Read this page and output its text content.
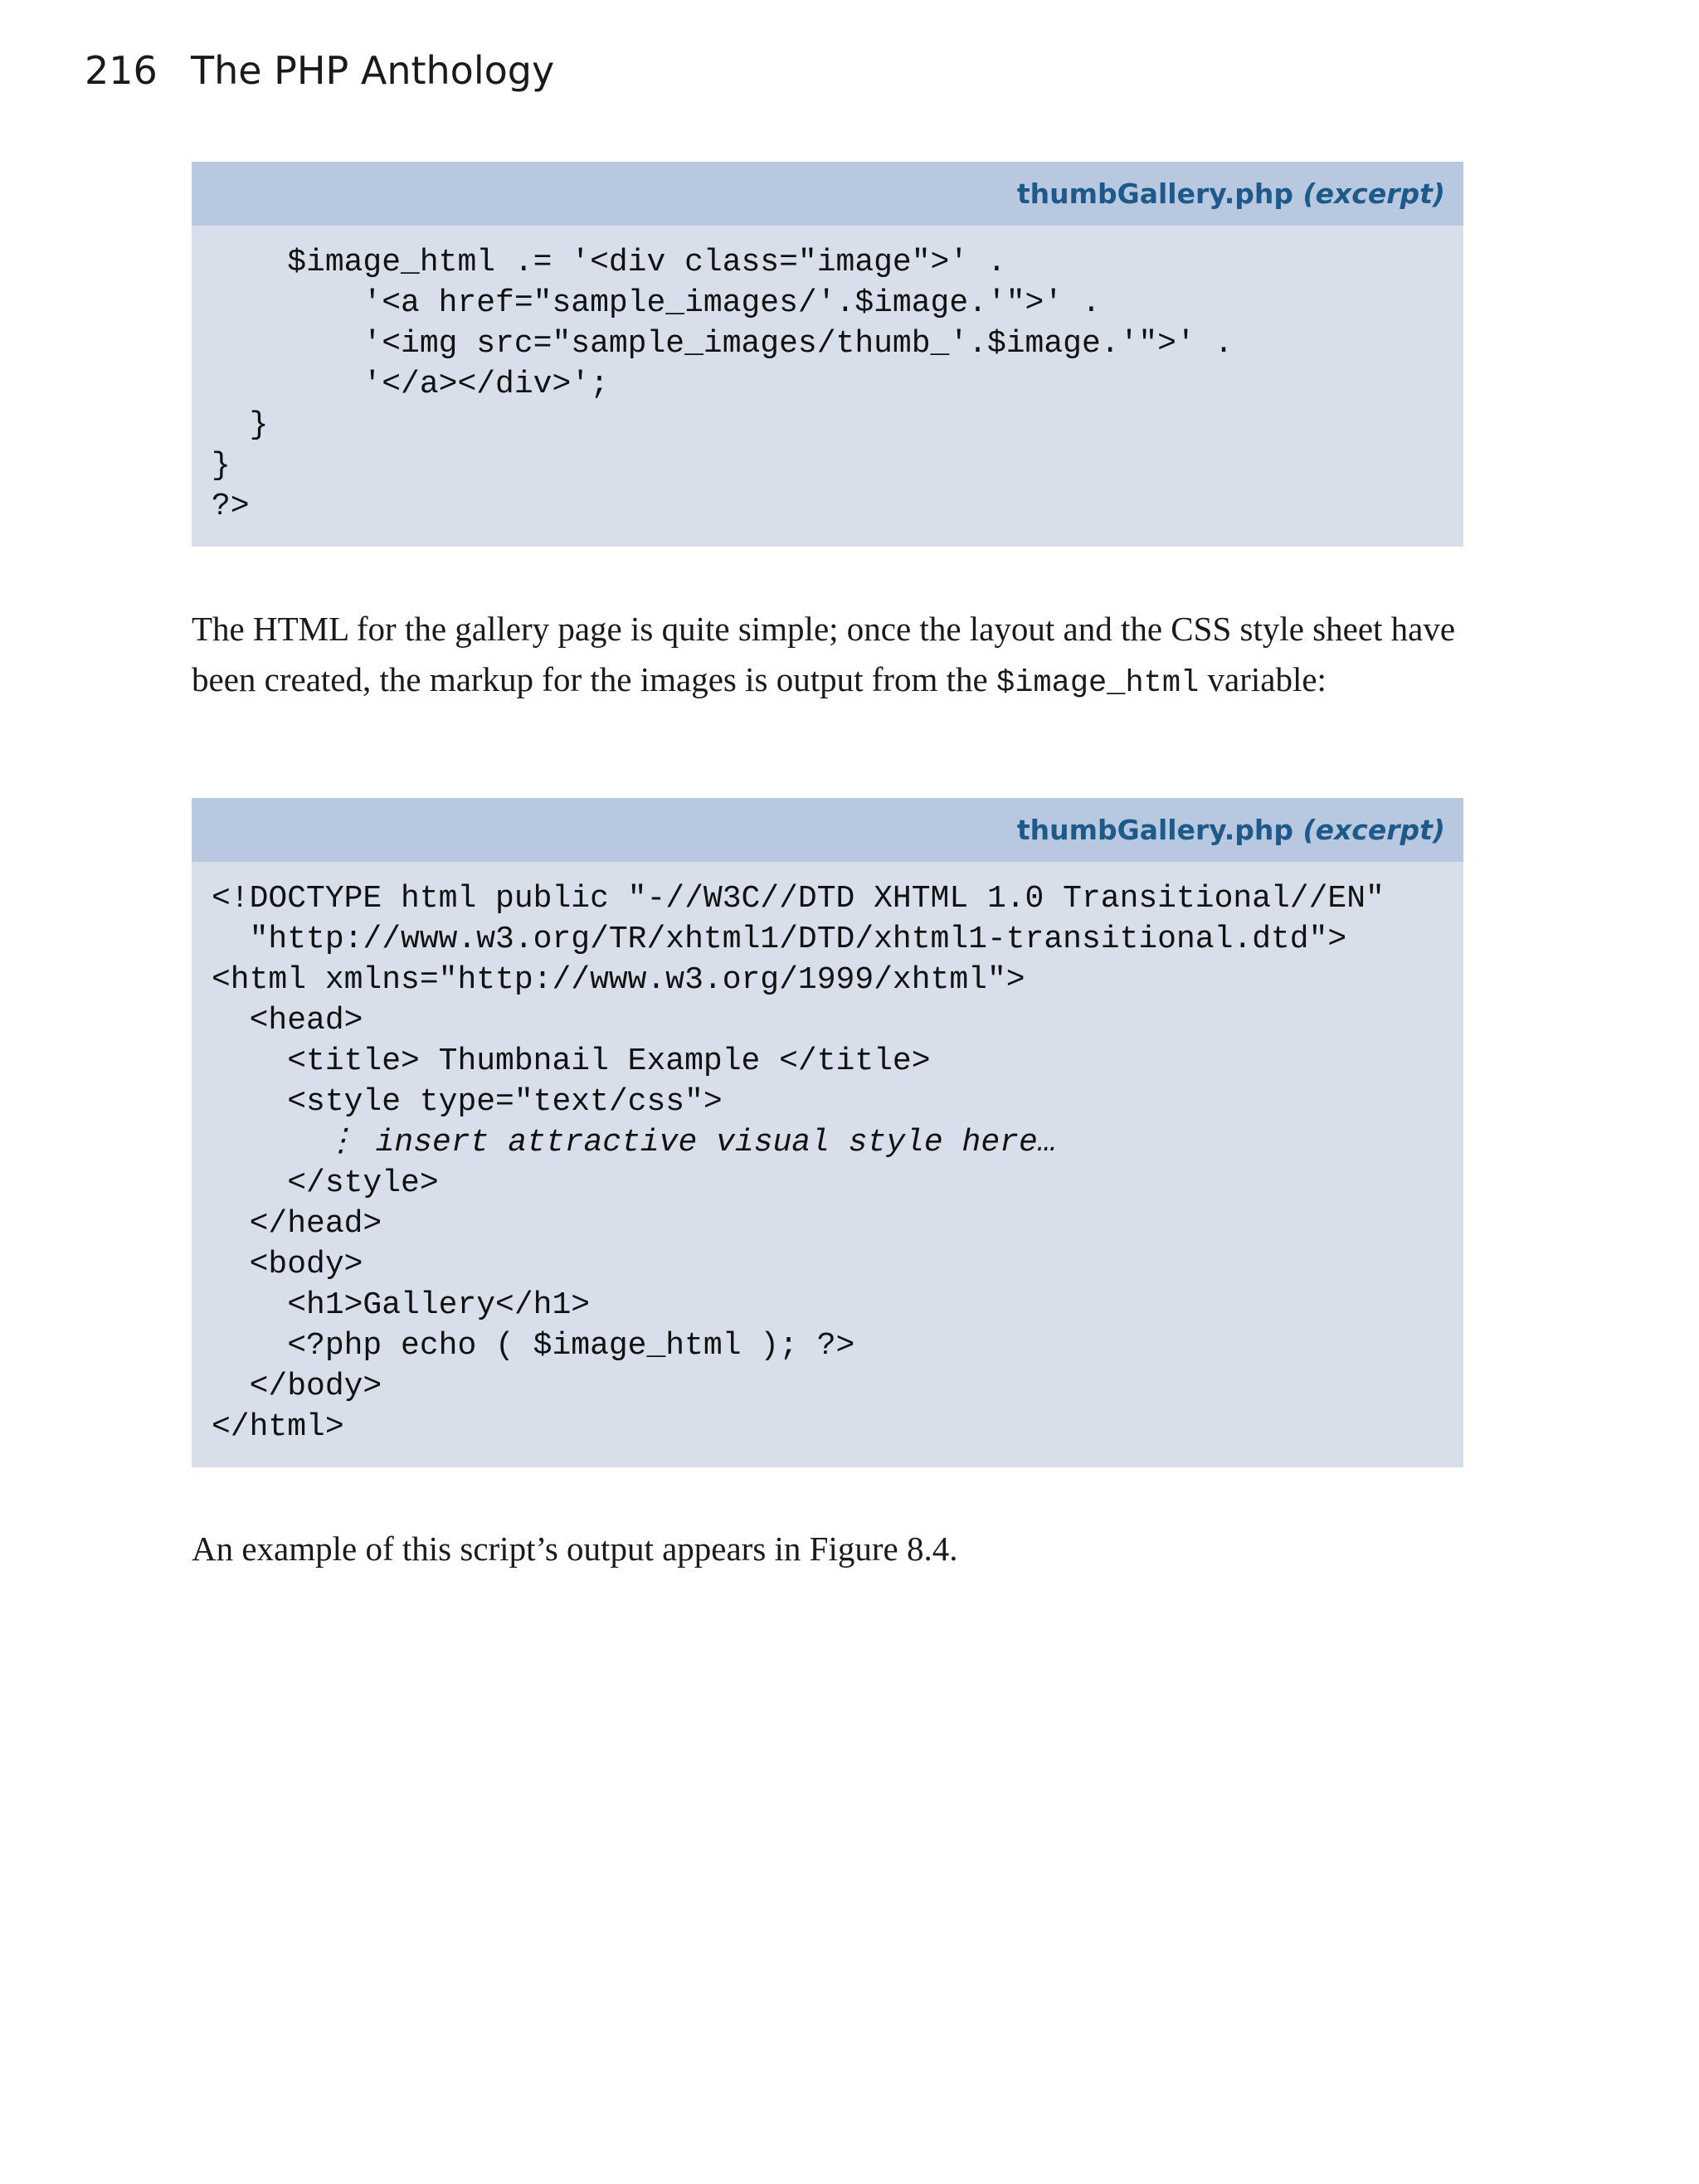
216 The PHP Anthology
thumbGallery.php (excerpt)
$image_html .= '<div class="image">' .
'<a href="sample_images/'.$image.'">' .
'<img src="sample_images/thumb_'.$image.'">' .
'</a></div>';
}
}
?>

The HTML for the gallery page is quite simple; once the layout and the CSS style sheet have been created, the markup for the images is output from the $image_html variable:

thumbGallery.php (excerpt)
<!DOCTYPE html public "-//W3C//DTD XHTML 1.0 Transitional//EN"
"http://www.w3.org/TR/xhtml1/DTD/xhtml1-transitional.dtd">
<html xmlns="http://www.w3.org/1999/xhtml">
<head>
<title> Thumbnail Example </title>
<style type="text/css">
⋮ insert attractive visual style here…
</style>
</head>
<body>
<h1>Gallery</h1>
<?php echo ( $image_html ); ?>
</body>
</html>

An example of this script’s output appears in Figure 8.4.
